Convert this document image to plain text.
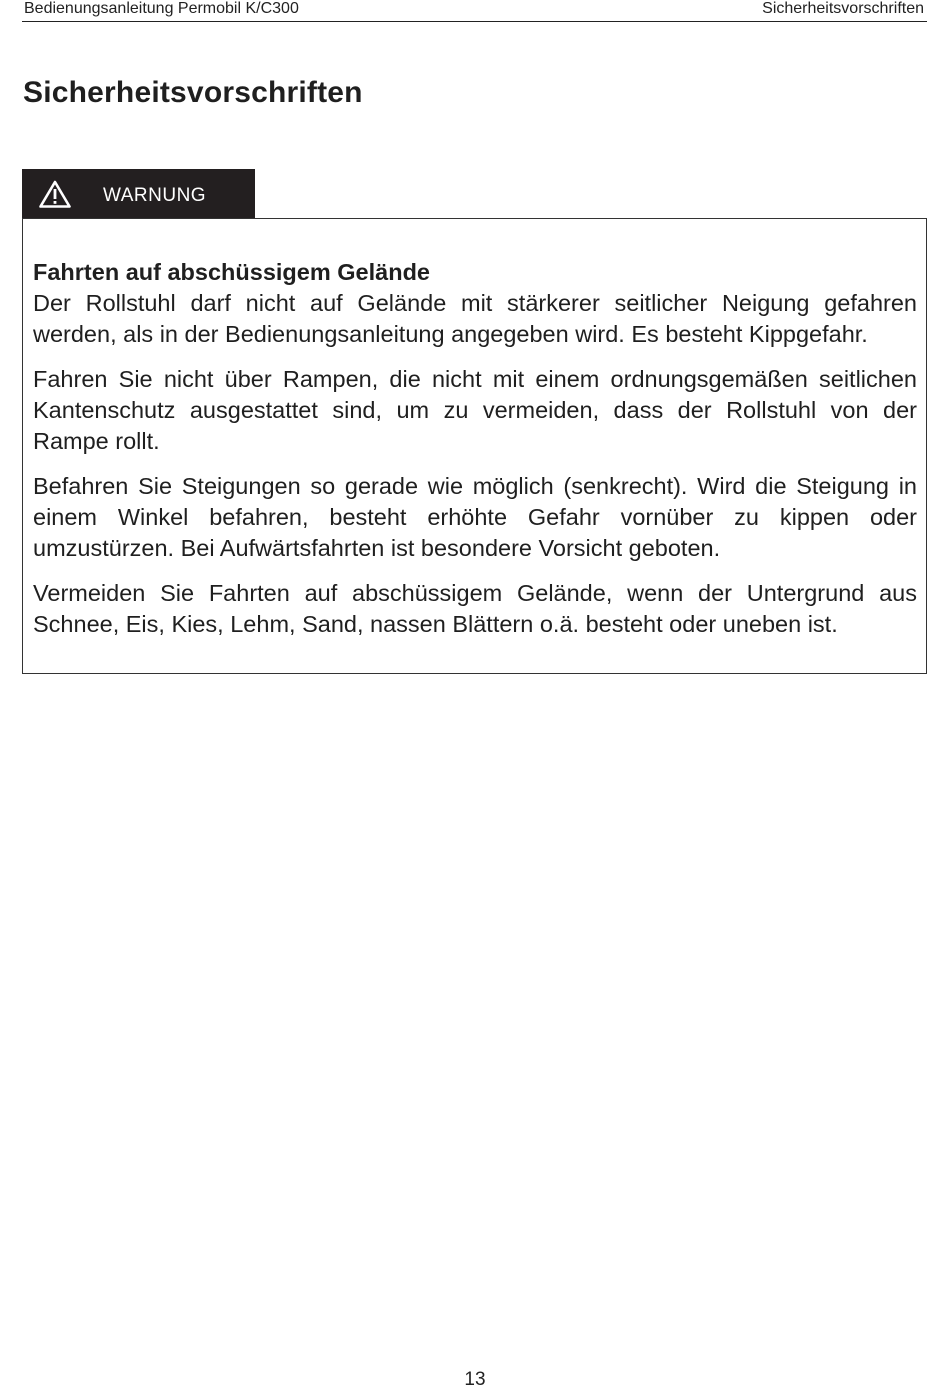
Bedienungsanleitung Permobil K/C300	Sicherheitsvorschriften
Sicherheitsvorschriften
WARNUNG
Fahrten auf abschüssigem Gelände

Der Rollstuhl darf nicht auf Gelände mit stärkerer seitlicher Neigung gefahren werden, als in der Bedienungsanleitung angegeben wird. Es besteht Kippgefahr.

Fahren Sie nicht über Rampen, die nicht mit einem ordnungsgemäßen seitlichen Kantenschutz ausgestattet sind, um zu vermeiden, dass der Rollstuhl von der Rampe rollt.

Befahren Sie Steigungen so gerade wie möglich (senkrecht). Wird die Steigung in einem Winkel befahren, besteht erhöhte Gefahr vornüber zu kippen oder umzustürzen. Bei Aufwärtsfahrten ist besondere Vorsicht geboten.

Vermeiden Sie Fahrten auf abschüssigem Gelände, wenn der Untergrund aus Schnee, Eis, Kies, Lehm, Sand, nassen Blättern o.ä. besteht oder uneben ist.

13
